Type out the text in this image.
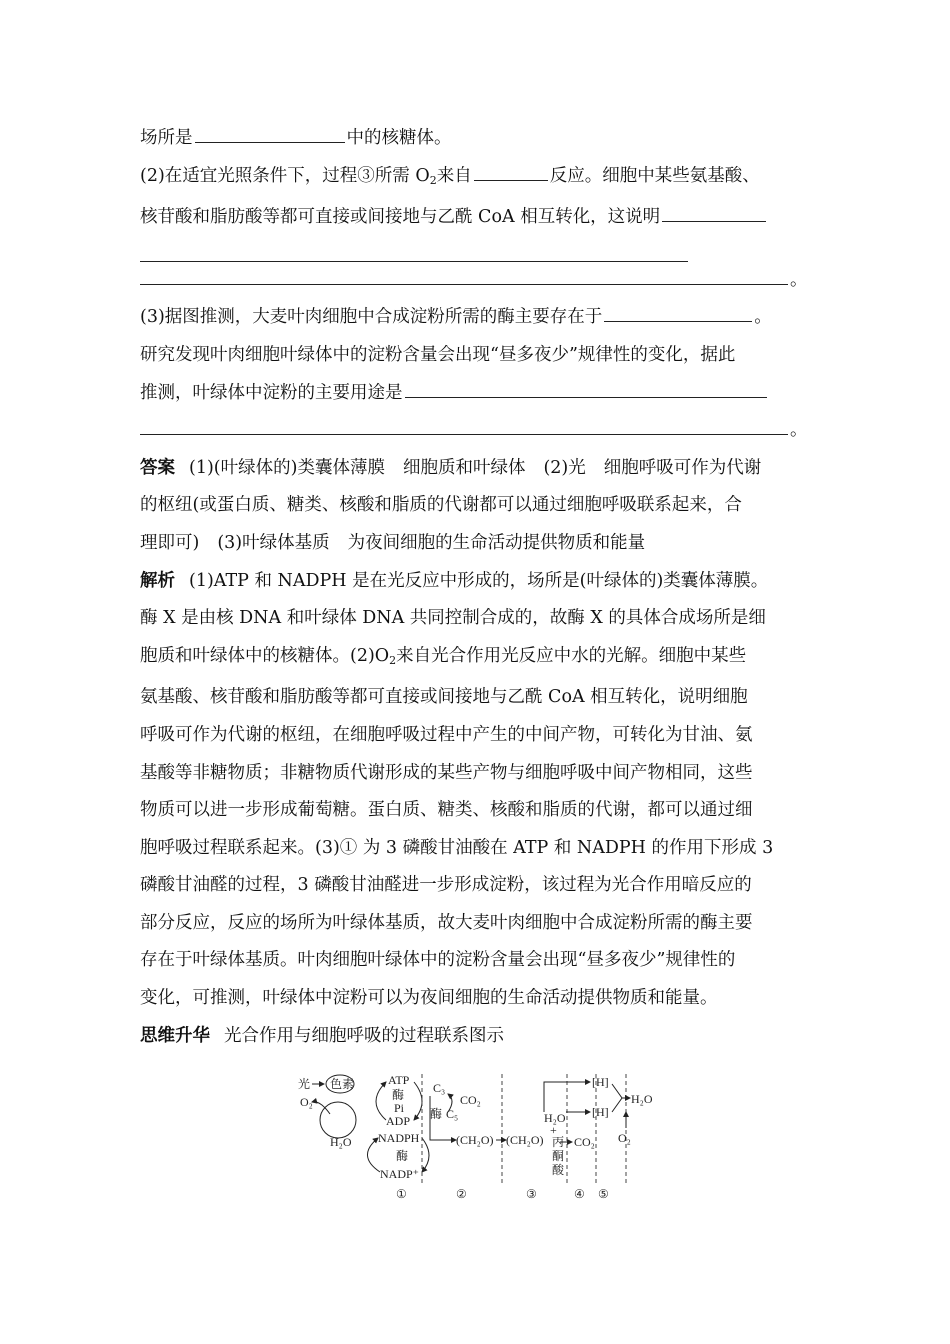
场所是	中的核糖体。
(2)在适宜光照条件下，过程③所需 $O_2$来自	反应。细胞中某些氨基酸、
核苷酸和脂肪酸等都可直接或间接地与乙酰 CoA 相互转化，这说明
。
(3)据图推测，大麦叶肉细胞中合成淀粉所需的酶主要存在于	。
研究发现叶肉细胞叶绿体中的淀粉含量会出现“昼多夜少”规律性的变化，据此
推测，叶绿体中淀粉的主要用途是
。
答案 (1)(叶绿体的)类囊体薄膜 细胞质和叶绿体 (2)光 细胞呼吸可作为代谢
的枢纽(或蛋白质、糖类、核酸和脂质的代谢都可以通过细胞呼吸联系起来，合
理即可) (3)叶绿体基质 为夜间细胞的生命活动提供物质和能量
解析 (1)ATP 和 NADPH 是在光反应中形成的，场所是(叶绿体的)类囊体薄膜。
酶 X 是由核 DNA 和叶绿体 DNA 共同控制合成的，故酶 X 的具体合成场所是细
胞质和叶绿体中的核糖体。$(2)O_2$来自光合作用光反应中水的光解。细胞中某些
氨基酸、核苷酸和脂肪酸等都可直接或间接地与乙酰 CoA 相互转化，说明细胞
呼吸可作为代谢的枢纽，在细胞呼吸过程中产生的中间产物，可转化为甘油、氨
基酸等非糖物质；非糖物质代谢形成的某些产物与细胞呼吸中间产物相同，这些
物质可以进一步形成葡萄糖。蛋白质、糖类、核酸和脂质的代谢，都可以通过细
胞呼吸过程联系起来。(3)① 为 3 磷酸甘油酸在 ATP 和 NADPH 的作用下形成 3
磷酸甘油醛的过程，3 磷酸甘油醛进一步形成淀粉，该过程为光合作用暗反应的
部分反应，反应的场所为叶绿体基质，故大麦叶肉细胞中合成淀粉所需的酶主要
存在于叶绿体基质。叶肉细胞叶绿体中的淀粉含量会出现“昼多夜少”规律性的
变化，可推测，叶绿体中淀粉可以为夜间细胞的生命活动提供物质和能量。
思维升华 光合作用与细胞呼吸的过程联系图示
光 色素
O₂
H₂O
ATP
酶
Pi
ADP
NADPH
酶
NADP⁺
C₃
CO₂
酶 C₅
(CH₂O) (CH₂O)
H₂O
+
丙
酮
酸
CO₂
[H]
[H]
H₂O
O₂
①	②	③	④ ⑤
